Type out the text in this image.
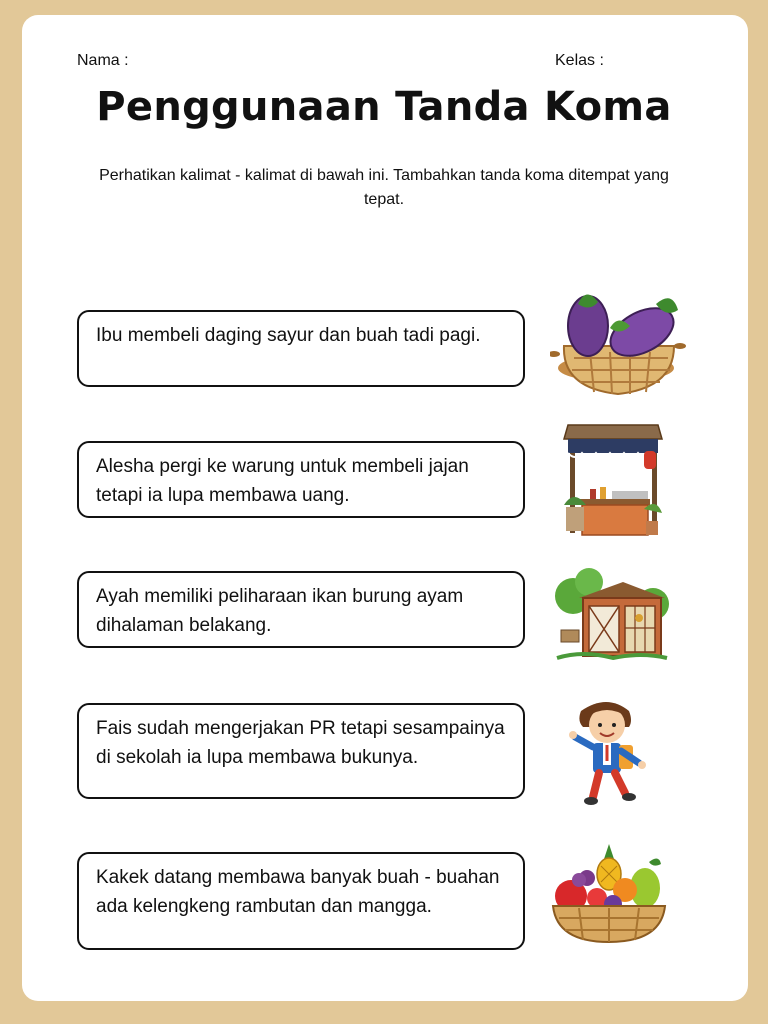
Nama :	Kelas :
Penggunaan Tanda Koma
Perhatikan kalimat - kalimat di bawah ini. Tambahkan tanda koma ditempat yang tepat.
Ibu membeli daging sayur dan buah tadi pagi.
Alesha pergi ke warung untuk membeli jajan tetapi ia lupa membawa uang.
Ayah memiliki peliharaan ikan burung ayam dihalaman belakang.
Fais sudah mengerjakan PR tetapi sesampainya di sekolah ia lupa membawa bukunya.
Kakek datang membawa banyak buah - buahan ada kelengkeng rambutan dan mangga.
